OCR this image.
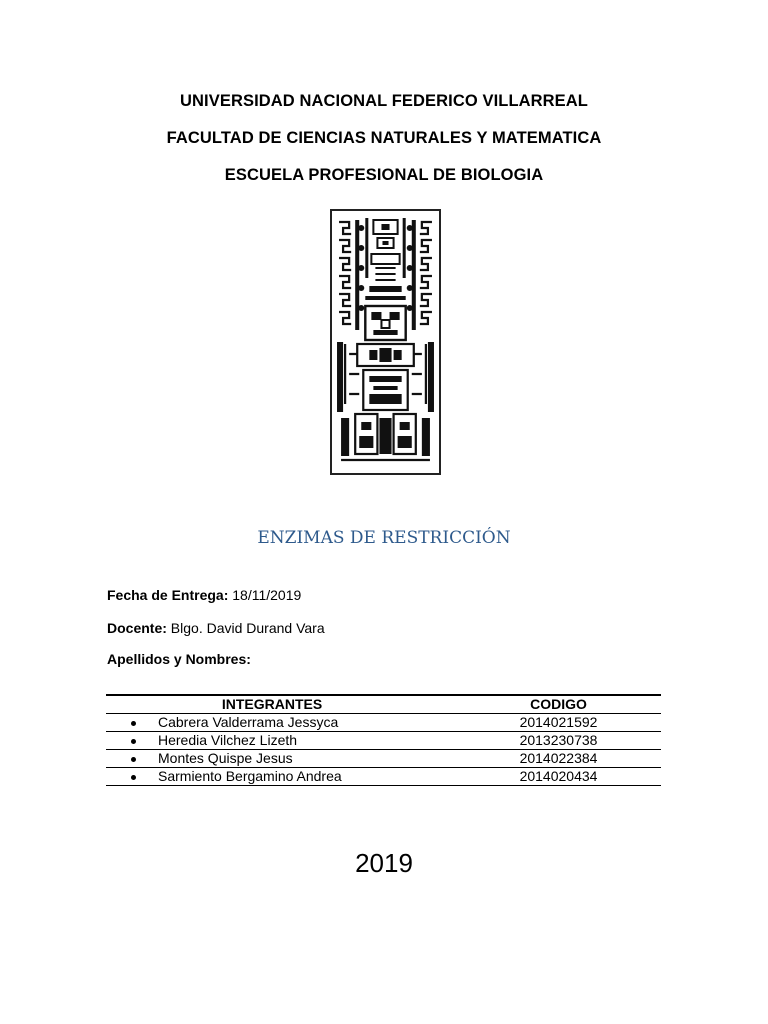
UNIVERSIDAD NACIONAL FEDERICO VILLARREAL
FACULTAD DE CIENCIAS NATURALES Y MATEMATICA
ESCUELA PROFESIONAL DE BIOLOGIA
ENZIMAS DE RESTRICCIÓN
Fecha de Entrega: 18/11/2019
Docente: Blgo. David Durand Vara
Apellidos y Nombres:
	INTEGRANTES	CODIGO
	Cabrera Valderrama Jessyca	2014021592
	Heredia Vilchez Lizeth	2013230738
	Montes Quispe Jesus	2014022384
	Sarmiento Bergamino Andrea	2014020434
2019
